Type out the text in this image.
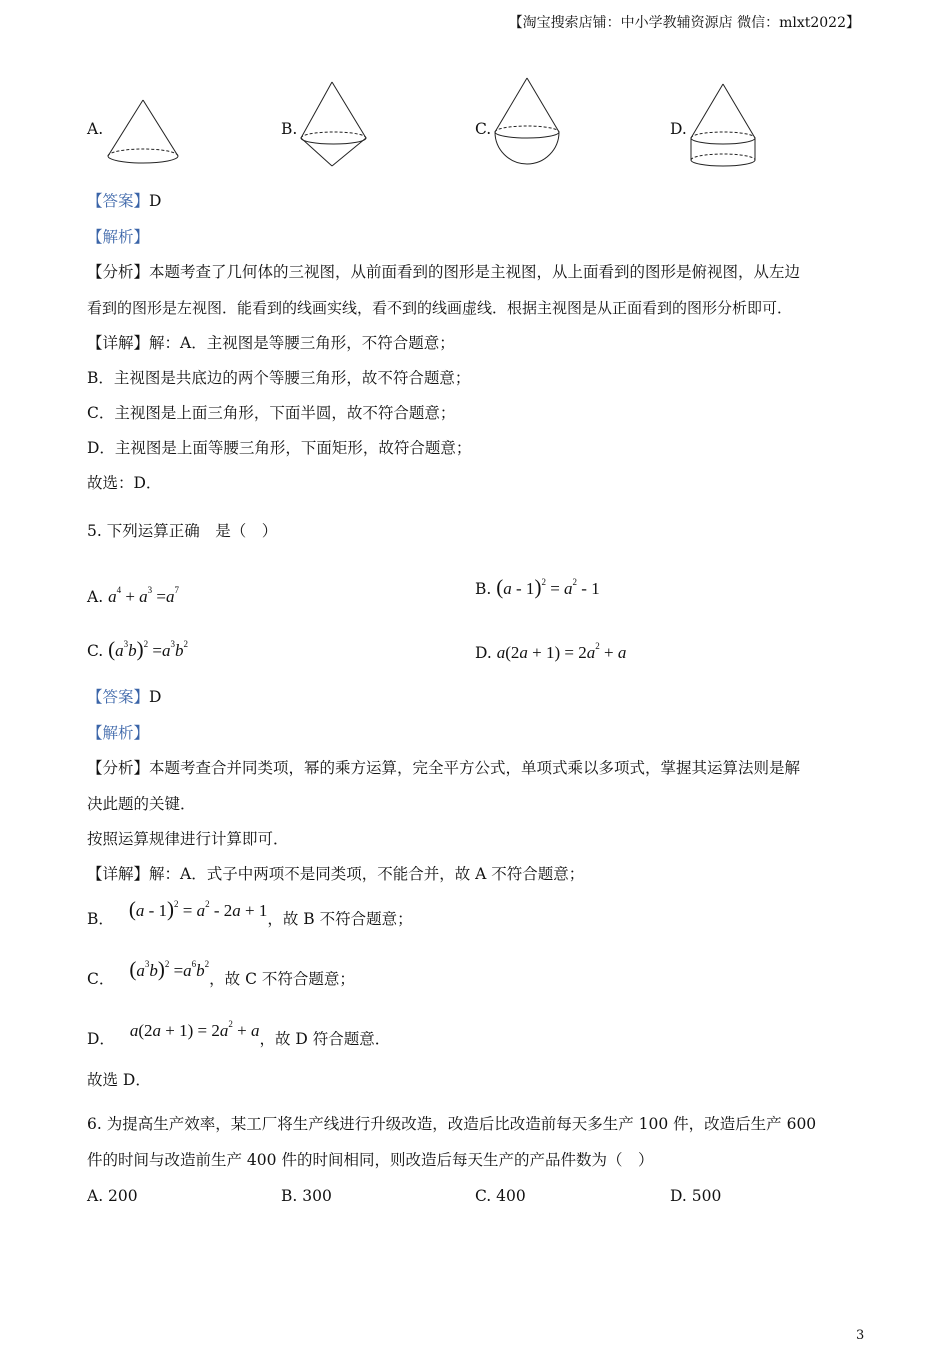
【淘宝搜索店铺：中小学教辅资源店 微信：mlxt2022】
A.	B.	C.	D.
【答案】D
【解析】
【分析】本题考查了几何体的三视图，从前面看到的图形是主视图，从上面看到的图形是俯视图，从左边
看到的图形是左视图．能看到的线画实线，看不到的线画虚线．根据主视图是从正面看到的图形分析即可．
【详解】解：A．主视图是等腰三角形，不符合题意；
B．主视图是共底边的两个等腰三角形，故不符合题意；
C．主视图是上面三角形，下面半圆，故不符合题意；
D．主视图是上面等腰三角形，下面矩形，故符合题意；
故选：D．
5. 下列运算正确　是（　）
A. $a^4 + a^3 =a^7$	B. $(a - 1)^2 = a^2 - 1$
C. $(a^3b)^2 =a^3b^2$	D. $a(2a + 1) = 2a^2 + a$
【答案】D
【解析】
【分析】本题考查合并同类项，幂的乘方运算，完全平方公式，单项式乘以多项式，掌握其运算法则是解
决此题的关键．
按照运算规律进行计算即可．
【详解】解：A．式子中两项不是同类项，不能合并，故 A 不符合题意；
B． $(a - 1)^2 = a^2 - 2a + 1$，故 B 不符合题意；
C． $(a^3b)^2 =a^6b^2$，故 C 不符合题意；
D． $a(2a + 1) = 2a^2 + a$，故 D 符合题意．
故选 D．
6. 为提高生产效率，某工厂将生产线进行升级改造，改造后比改造前每天多生产 100 件，改造后生产 600
件的时间与改造前生产 400 件的时间相同，则改造后每天生产的产品件数为（　）
A. 200	B. 300	C. 400	D. 500
3
